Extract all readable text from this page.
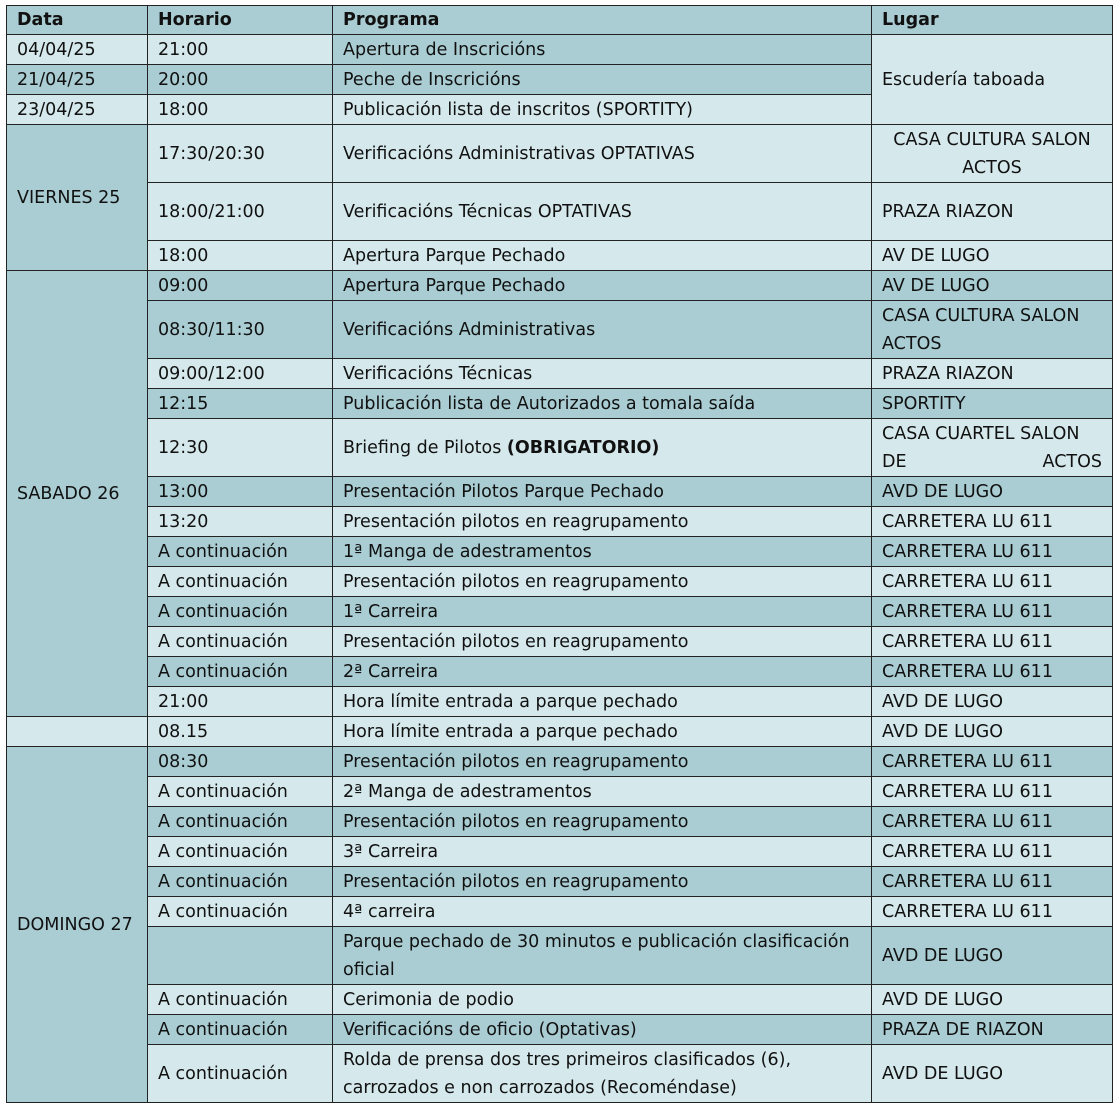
Data	Horario	Programa	Lugar
04/04/25	21:00	Apertura de Inscricións	Escudería taboada
21/04/25	20:00	Peche de Inscricións	
23/04/25	18:00	Publicación lista de inscritos (SPORTITY)	
VIERNES 25	17:30/20:30	Verificacións Administrativas OPTATIVAS	CASA CULTURA SALON ACTOS
	18:00/21:00	Verificacións Técnicas OPTATIVAS	PRAZA RIAZON
	18:00	Apertura Parque Pechado	AV DE LUGO
SABADO 26	09:00	Apertura Parque Pechado	AV DE LUGO
	08:30/11:30	Verificacións Administrativas	CASA CULTURA SALON ACTOS
	09:00/12:00	Verificacións Técnicas	PRAZA RIAZON
	12:15	Publicación lista de Autorizados a tomala saída	SPORTITY
	12:30	Briefing de Pilotos (OBRIGATORIO)	CASA CUARTEL SALON DE ACTOS
	13:00	Presentación Pilotos Parque Pechado	AVD DE LUGO
	13:20	Presentación pilotos en reagrupamento	CARRETERA LU 611
	A continuación	1ª Manga de adestramentos	CARRETERA LU 611
	A continuación	Presentación pilotos en reagrupamento	CARRETERA LU 611
	A continuación	1ª Carreira	CARRETERA LU 611
	A continuación	Presentación pilotos en reagrupamento	CARRETERA LU 611
	A continuación	2ª Carreira	CARRETERA LU 611
	21:00	Hora límite entrada a parque pechado	AVD DE LUGO
	08.15	Hora límite entrada a parque pechado	AVD DE LUGO
DOMINGO 27	08:30	Presentación pilotos en reagrupamento	CARRETERA LU 611
	A continuación	2ª Manga de adestramentos	CARRETERA LU 611
	A continuación	Presentación pilotos en reagrupamento	CARRETERA LU 611
	A continuación	3ª Carreira	CARRETERA LU 611
	A continuación	Presentación pilotos en reagrupamento	CARRETERA LU 611
	A continuación	4ª carreira	CARRETERA LU 611
		Parque pechado de 30 minutos e publicación clasificación oficial	AVD DE LUGO
	A continuación	Cerimonia de podio	AVD DE LUGO
	A continuación	Verificacións de oficio (Optativas)	PRAZA DE RIAZON
	A continuación	Rolda de prensa dos tres primeiros clasificados (6), carrozados e non carrozados (Recoméndase)	AVD DE LUGO
